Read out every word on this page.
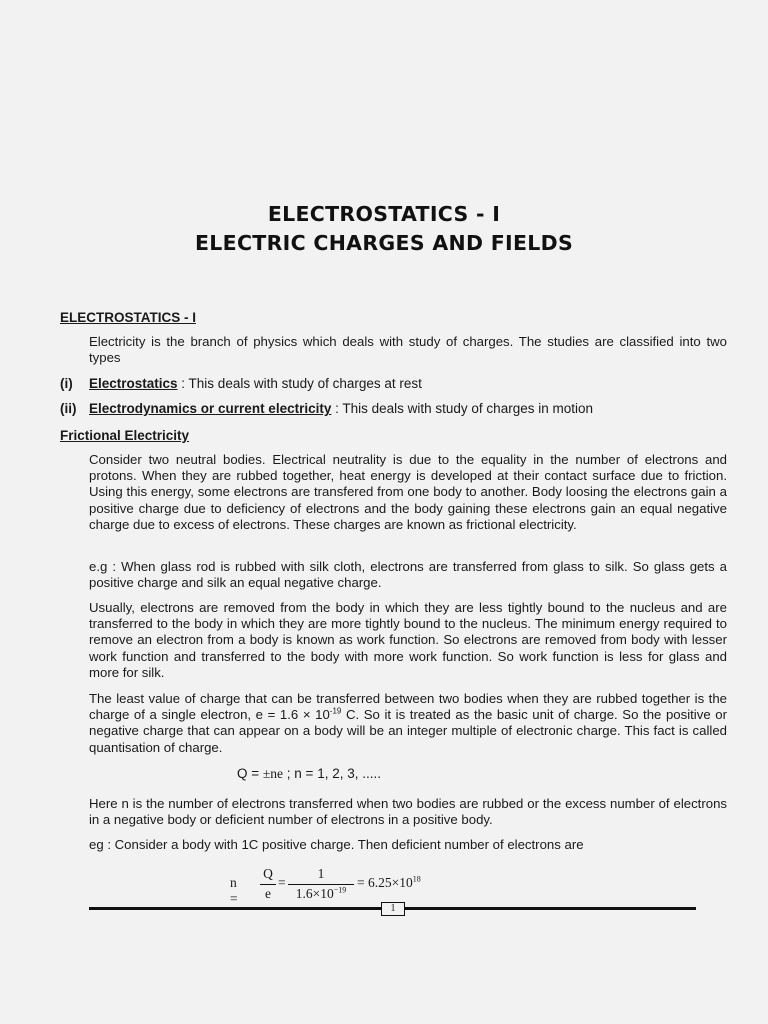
ELECTROSTATICS - I
ELECTRIC CHARGES AND FIELDS
ELECTROSTATICS - I
Electricity is the branch of physics which deals with study of charges. The studies are classified into two types
(i) Electrostatics : This deals with study of charges at rest
(ii) Electrodynamics or current electricity : This deals with study of charges in motion
Frictional Electricity
Consider two neutral bodies. Electrical neutrality is due to the equality in the number of electrons and protons. When they are rubbed together, heat energy is developed at their contact surface due to friction. Using this energy, some electrons are transfered from one body to another. Body loosing the electrons gain a positive charge due to deficiency of electrons and the body gaining these electrons gain an equal negative charge due to excess of electrons. These charges are known as frictional electricity.
e.g : When glass rod is rubbed with silk cloth, electrons are transferred from glass to silk. So glass gets a positive charge and silk an equal negative charge.
Usually, electrons are removed from the body in which they are less tightly bound to the nucleus and are transferred to the body in which they are more tightly bound to the nucleus. The minimum energy required to remove an electron from a body is known as work function. So electrons are removed from body with lesser work function and transferred to the body with more work function. So work function is less for glass and more for silk.
The least value of charge that can be transferred between two bodies when they are rubbed together is the charge of a single electron, $e = 1.6 \times 10^{-19}$ C. So it is treated as the basic unit of charge. So the positive or negative charge that can appear on a body will be an integer multiple of electronic charge. This fact is called quantisation of charge.
Q = ±ne ; n = 1, 2, 3, .....
Here n is the number of electrons transferred when two bodies are rubbed or the excess number of electrons in a negative body or deficient number of electrons in a positive body.
eg : Consider a body with 1C positive charge. Then deficient number of electrons are
n =
Q
e
=
1
$1.6\times 10^{-19} = 6.25\times 10^{18}$
1
